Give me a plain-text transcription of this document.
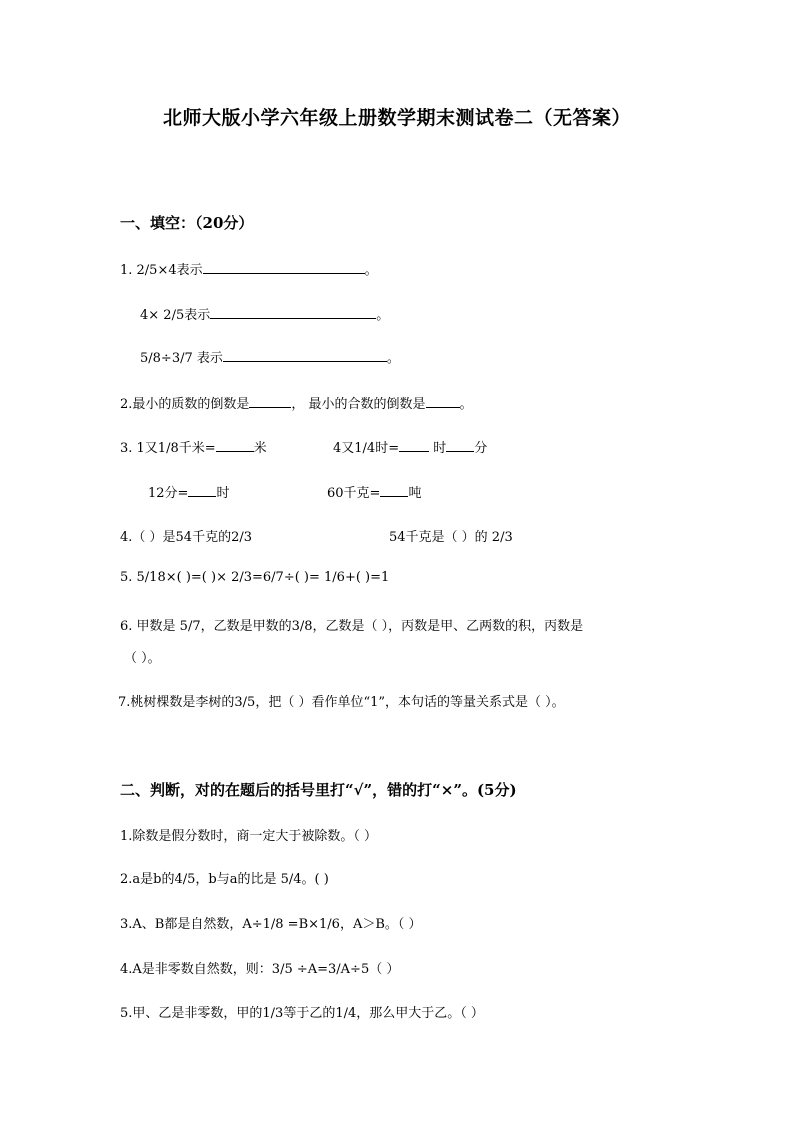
北师大版小学六年级上册数学期末测试卷二（无答案）
一、填空：（20分）
1. 2/5×4表示	。
4× 2/5表示	。
5/8÷3/7 表示	。
2.最小的质数的倒数是	， 最小的合数的倒数是	。
3. 1又1/8千米=	米	4又1/4时= 时 分
12分= 时	60千克= 吨
4.（ ）是54千克的2/3	54千克是（ ）的 2/3
5. 5/18×( )=( )× 2/3=6/7÷( )= 1/6+( )=1
6. 甲数是 5/7，乙数是甲数的3/8，乙数是（ ），丙数是甲、乙两数的积，丙数是
（ ）。
7.桃树棵数是李树的3/5，把（ ）看作单位“1”，本句话的等量关系式是（ ）。
二、判断，对的在题后的括号里打“√”，错的打“×”。(5分)
1.除数是假分数时，商一定大于被除数。（ ）
2.a是b的4/5，b与a的比是 5/4。( )
3.A、B都是自然数，A÷1/8 =B×1/6，A＞B。（ ）
4.A是非零数自然数，则：3/5 ÷A=3/A÷5（ ）
5.甲、乙是非零数，甲的1/3等于乙的1/4，那么甲大于乙。（ ）
